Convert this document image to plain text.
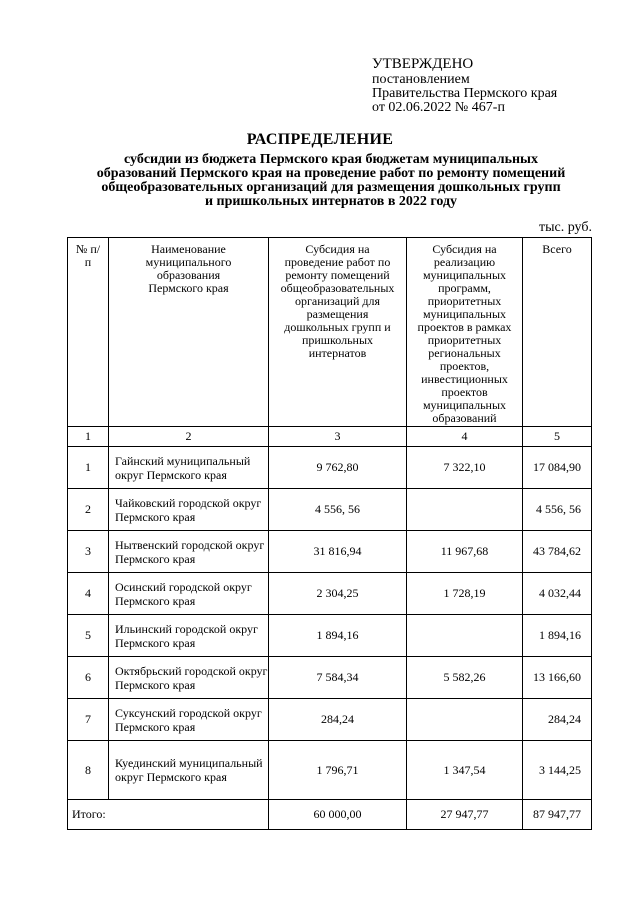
УТВЕРЖДЕНО
постановлением
Правительства Пермского края
от 02.06.2022 № 467-п
РАСПРЕДЕЛЕНИЕ
субсидии из бюджета Пермского края бюджетам муниципальных образований Пермского края на проведение работ по ремонту помещений общеобразовательных организаций для размещения дошкольных групп и пришкольных интернатов в 2022 году
тыс. руб.
№ п/п	Наименование муниципального образования Пермского края	Субсидия на проведение работ по ремонту помещений общеобразовательных организаций для размещения дошкольных групп и пришкольных интернатов	Субсидия на реализацию муниципальных программ, приоритетных муниципальных проектов в рамках приоритетных региональных проектов, инвестиционных проектов муниципальных образований	Всего
1	2	3	4	5
1	Гайнский муниципальный округ Пермского края	9 762,80	7 322,10	17 084,90
2	Чайковский городской округ Пермского края	4 556, 56		4 556, 56
3	Нытвенский городской округ Пермского края	31 816,94	11 967,68	43 784,62
4	Осинский городской округ Пермского края	2 304,25	1 728,19	4 032,44
5	Ильинский городской округ Пермского края	1 894,16		1 894,16
6	Октябрьский городской округ Пермского края	7 584,34	5 582,26	13 166,60
7	Суксунский городской округ Пермского края	284,24		284,24
8	Куединский муниципальный округ Пермского края	1 796,71	1 347,54	3 144,25
Итого:		60 000,00	27 947,77	87 947,77
